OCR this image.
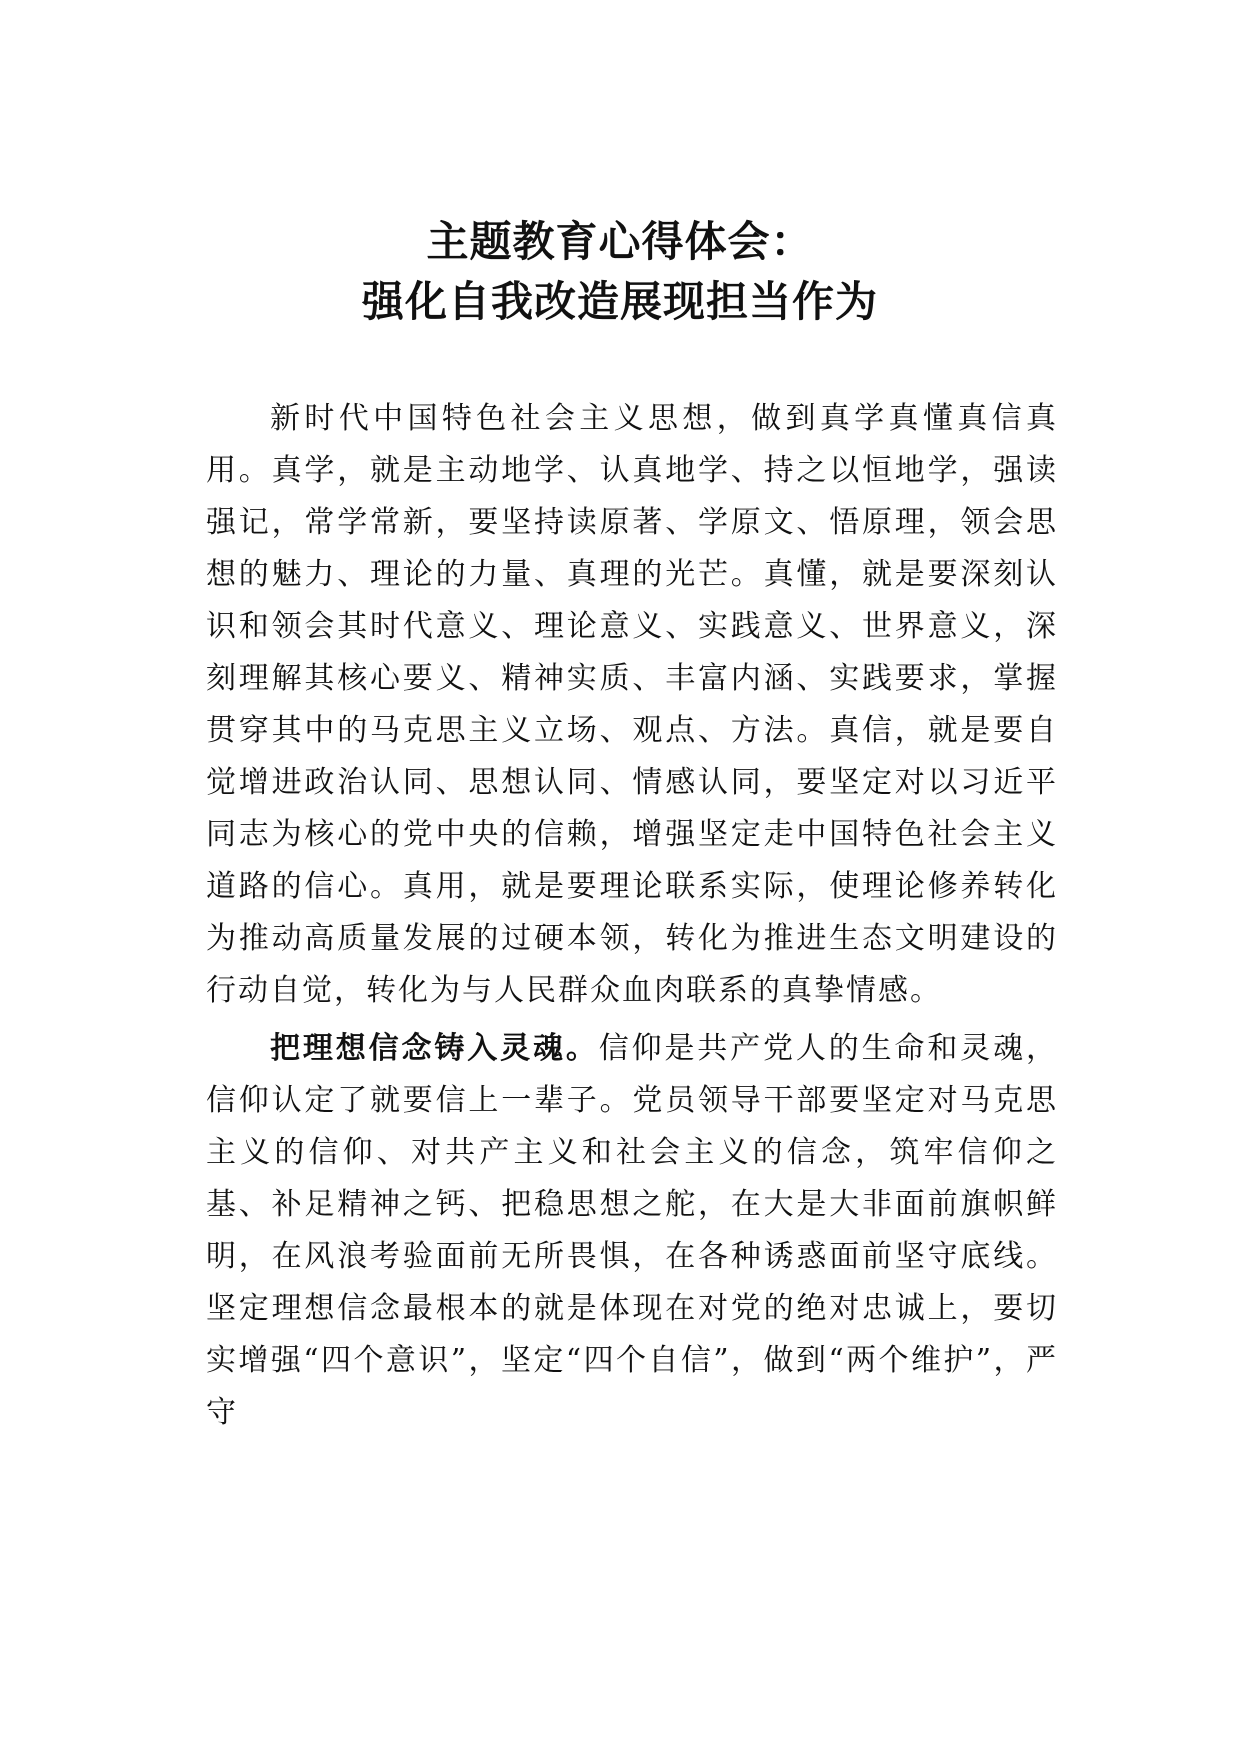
主题教育心得体会：
强化自我改造展现担当作为

新时代中国特色社会主义思想，做到真学真懂真信真用。真学，就是主动地学、认真地学、持之以恒地学，强读强记，常学常新，要坚持读原著、学原文、悟原理，领会思想的魅力、理论的力量、真理的光芒。真懂，就是要深刻认识和领会其时代意义、理论意义、实践意义、世界意义，深刻理解其核心要义、精神实质、丰富内涵、实践要求，掌握贯穿其中的马克思主义立场、观点、方法。真信，就是要自觉增进政治认同、思想认同、情感认同，要坚定对以习近平同志为核心的党中央的信赖，增强坚定走中国特色社会主义道路的信心。真用，就是要理论联系实际，使理论修养转化为推动高质量发展的过硬本领，转化为推进生态文明建设的行动自觉，转化为与人民群众血肉联系的真挚情感。

把理想信念铸入灵魂。信仰是共产党人的生命和灵魂，信仰认定了就要信上一辈子。党员领导干部要坚定对马克思主义的信仰、对共产主义和社会主义的信念，筑牢信仰之基、补足精神之钙、把稳思想之舵，在大是大非面前旗帜鲜明，在风浪考验面前无所畏惧，在各种诱惑面前坚守底线。坚定理想信念最根本的就是体现在对党的绝对忠诚上，要切实增强“四个意识”，坚定“四个自信”，做到“两个维护”，严守
